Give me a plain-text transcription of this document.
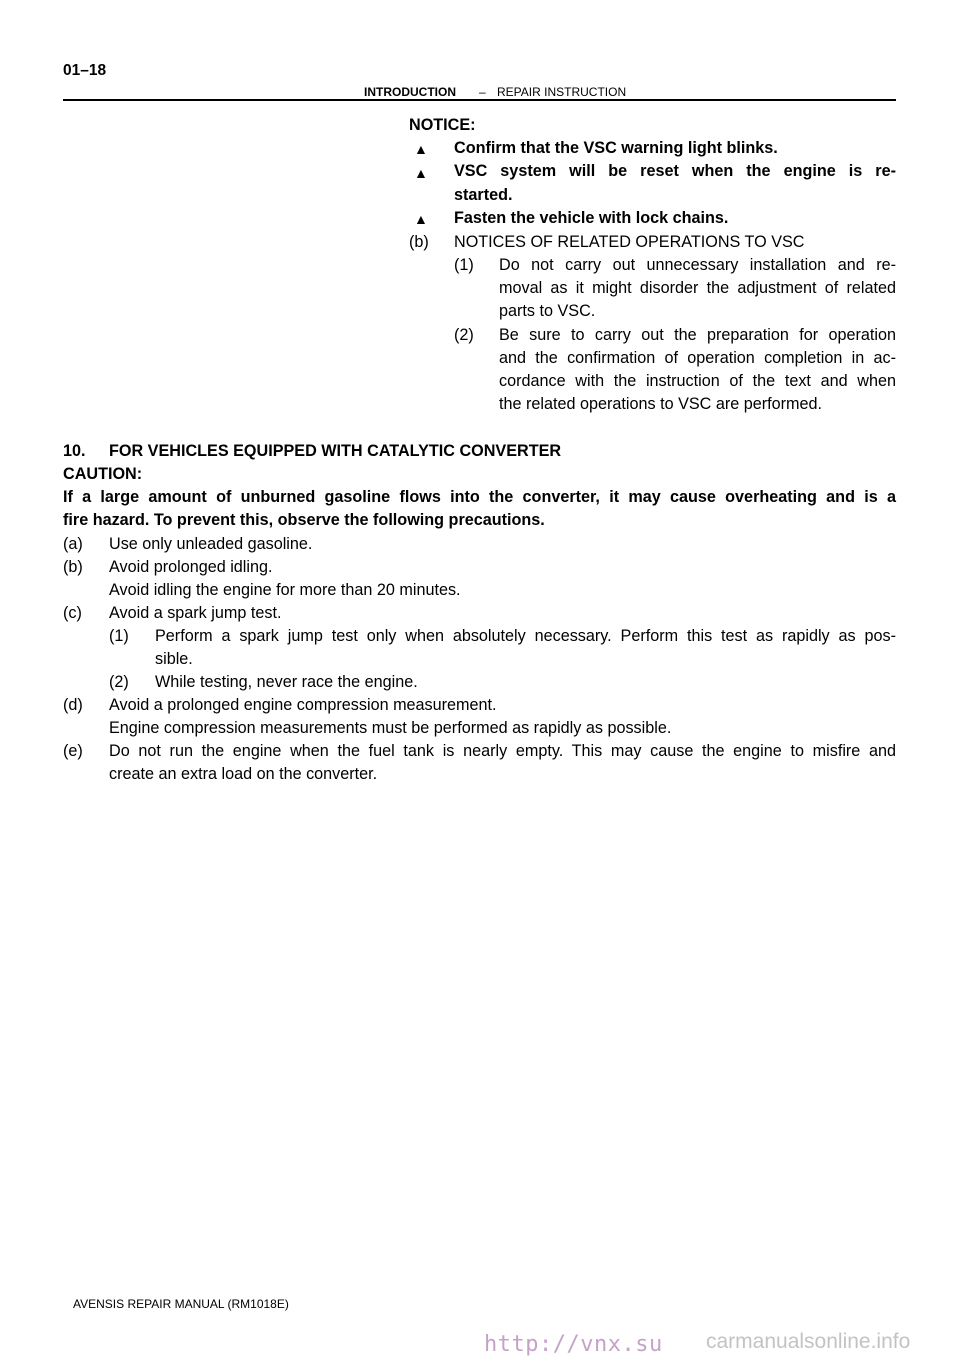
01–18
INTRODUCTION – REPAIR INSTRUCTION
NOTICE:
▲ Confirm that the VSC warning light blinks.
▲ VSC system will be reset when the engine is re-
started.
▲ Fasten the vehicle with lock chains.
(b) NOTICES OF RELATED OPERATIONS TO VSC
(1) Do not carry out unnecessary installation and re-
moval as it might disorder the adjustment of related
parts to VSC.
(2) Be sure to carry out the preparation for operation
and the confirmation of operation completion in ac-
cordance with the instruction of the text and when
the related operations to VSC are performed.
10. FOR VEHICLES EQUIPPED WITH CATALYTIC CONVERTER
CAUTION:
If a large amount of unburned gasoline flows into the converter, it may cause overheating and is a
fire hazard. To prevent this, observe the following precautions.
(a) Use only unleaded gasoline.
(b) Avoid prolonged idling.
Avoid idling the engine for more than 20 minutes.
(c) Avoid a spark jump test.
(1) Perform a spark jump test only when absolutely necessary. Perform this test as rapidly as pos-
sible.
(2) While testing, never race the engine.
(d) Avoid a prolonged engine compression measurement.
Engine compression measurements must be performed as rapidly as possible.
(e) Do not run the engine when the fuel tank is nearly empty. This may cause the engine to misfire and
create an extra load on the converter.
AVENSIS REPAIR MANUAL (RM1018E)
http://vnx.su carmanualsonline.info
